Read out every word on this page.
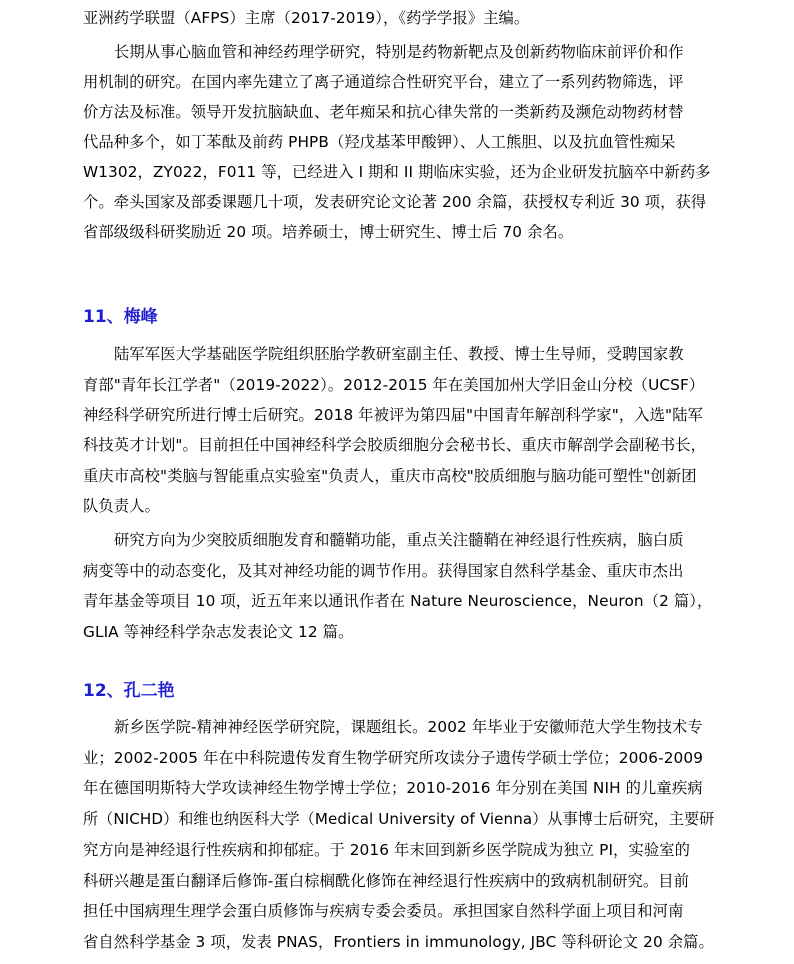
亚洲药学联盟（AFPS）主席（2017-2019），《药学学报》主编。
长期从事心脑血管和神经药理学研究，特别是药物新靶点及创新药物临床前评价和作
用机制的研究。在国内率先建立了离子通道综合性研究平台，建立了一系列药物筛选，评
价方法及标准。领导开发抗脑缺血、老年痴呆和抗心律失常的一类新药及濒危动物药材替
代品种多个，如丁苯酞及前药 PHPB（羟戊基苯甲酸钾）、人工熊胆、以及抗血管性痴呆
W1302，ZY022，F011 等，已经进入 I 期和 II 期临床实验，还为企业研发抗脑卒中新药多
个。牵头国家及部委课题几十项，发表研究论文论著 200 余篇，获授权专利近 30 项，获得
省部级级科研奖励近 20 项。培养硕士，博士研究生、博士后 70 余名。
11、梅峰
陆军军医大学基础医学院组织胚胎学教研室副主任、教授、博士生导师，受聘国家教
育部"青年长江学者"（2019-2022）。2012-2015 年在美国加州大学旧金山分校（UCSF）
神经科学研究所进行博士后研究。2018 年被评为第四届"中国青年解剖科学家"，入选"陆军
科技英才计划"。目前担任中国神经科学会胶质细胞分会秘书长、重庆市解剖学会副秘书长，
重庆市高校"类脑与智能重点实验室"负责人，重庆市高校"胶质细胞与脑功能可塑性"创新团
队负责人。
研究方向为少突胶质细胞发育和髓鞘功能，重点关注髓鞘在神经退行性疾病，脑白质
病变等中的动态变化，及其对神经功能的调节作用。获得国家自然科学基金、重庆市杰出
青年基金等项目 10 项，近五年来以通讯作者在 Nature Neuroscience，Neuron（2 篇），
GLIA 等神经科学杂志发表论文 12 篇。
12、孔二艳
新乡医学院-精神神经医学研究院，课题组长。2002 年毕业于安徽师范大学生物技术专
业；2002-2005 年在中科院遗传发育生物学研究所攻读分子遗传学硕士学位；2006-2009
年在德国明斯特大学攻读神经生物学博士学位；2010-2016 年分别在美国 NIH 的儿童疾病
所（NICHD）和维也纳医科大学（Medical University of Vienna）从事博士后研究，主要研
究方向是神经退行性疾病和抑郁症。于 2016 年末回到新乡医学院成为独立 PI，实验室的
科研兴趣是蛋白翻译后修饰-蛋白棕榈酰化修饰在神经退行性疾病中的致病机制研究。目前
担任中国病理生理学会蛋白质修饰与疾病专委会委员。承担国家自然科学面上项目和河南
省自然科学基金 3 项，发表 PNAS，Frontiers in immunology, JBC 等科研论文 20 余篇。
